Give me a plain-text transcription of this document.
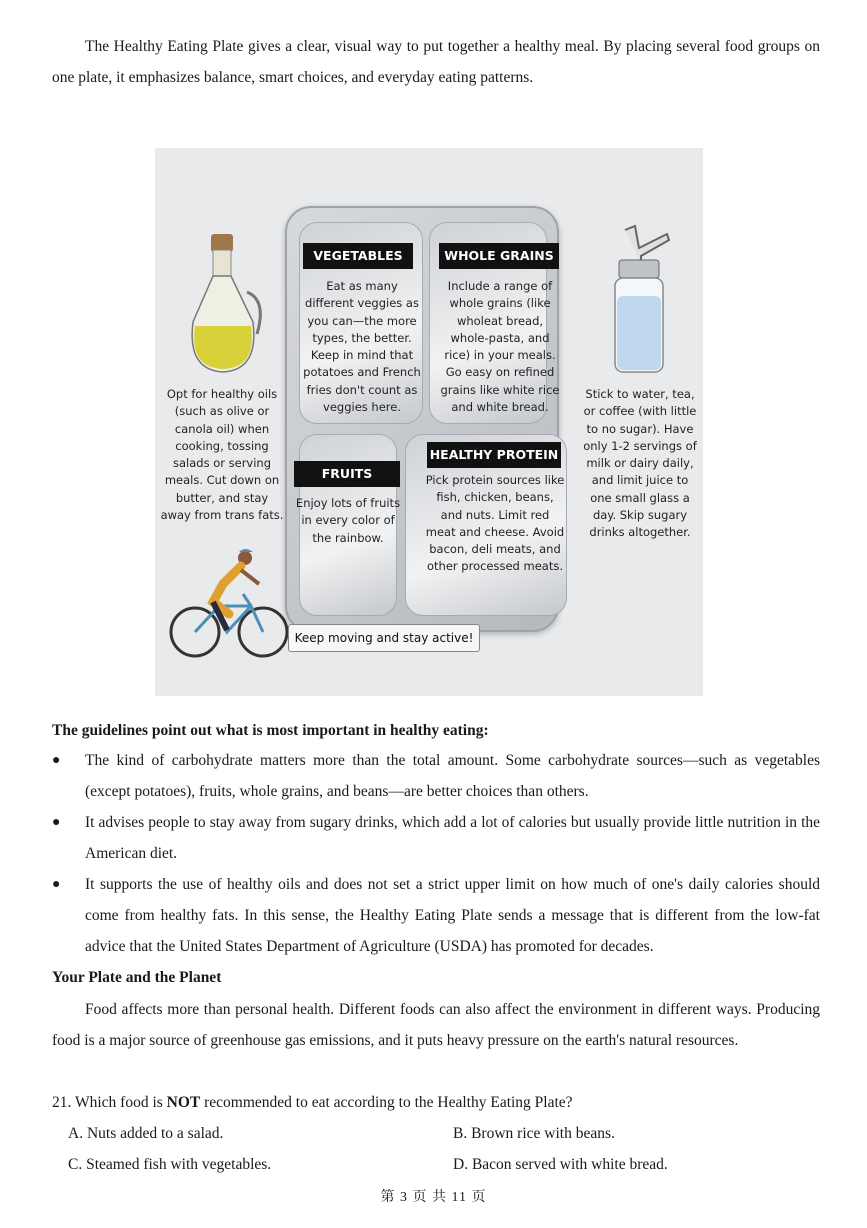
The Healthy Eating Plate gives a clear, visual way to put together a healthy meal. By placing several food groups on one plate, it emphasizes balance, smart choices, and everyday eating patterns.

Opt for healthy oils (such as olive or canola oil) when cooking, tossing salads or serving meals. Cut down on butter, and stay away from trans fats.
Stick to water, tea, or coffee (with little to no sugar). Have only 1-2 servings of milk or dairy daily, and limit juice to one small glass a day. Skip sugary drinks altogether.
VEGETABLES
Eat as many different veggies as you can—the more types, the better. Keep in mind that potatoes and French fries don't count as veggies here.
WHOLE GRAINS
Include a range of whole grains (like wholeat bread, whole-pasta, and rice) in your meals. Go easy on refined grains like white rice and white bread.
FRUITS
Enjoy lots of fruits in every color of the rainbow.
HEALTHY PROTEIN
Pick protein sources like fish, chicken, beans, and nuts. Limit red meat and cheese. Avoid bacon, deli meats, and other processed meats.
Keep moving and stay active!

The guidelines point out what is most important in healthy eating:

●	The kind of carbohydrate matters more than the total amount. Some carbohydrate sources—such as vegetables (except potatoes), fruits, whole grains, and beans—are better choices than others.
●	It advises people to stay away from sugary drinks, which add a lot of calories but usually provide little nutrition in the American diet.
●	It supports the use of healthy oils and does not set a strict upper limit on how much of one's daily calories should come from healthy fats. In this sense, the Healthy Eating Plate sends a message that is different from the low-fat advice that the United States Department of Agriculture (USDA) has promoted for decades.

Your Plate and the Planet

Food affects more than personal health. Different foods can also affect the environment in different ways. Producing food is a major source of greenhouse gas emissions, and it puts heavy pressure on the earth's natural resources.

21. Which food is NOT recommended to eat according to the Healthy Eating Plate?

A. Nuts added to a salad.	B. Brown rice with beans.
C. Steamed fish with vegetables.	D. Bacon served with white bread.
第 3 页 共 11 页
